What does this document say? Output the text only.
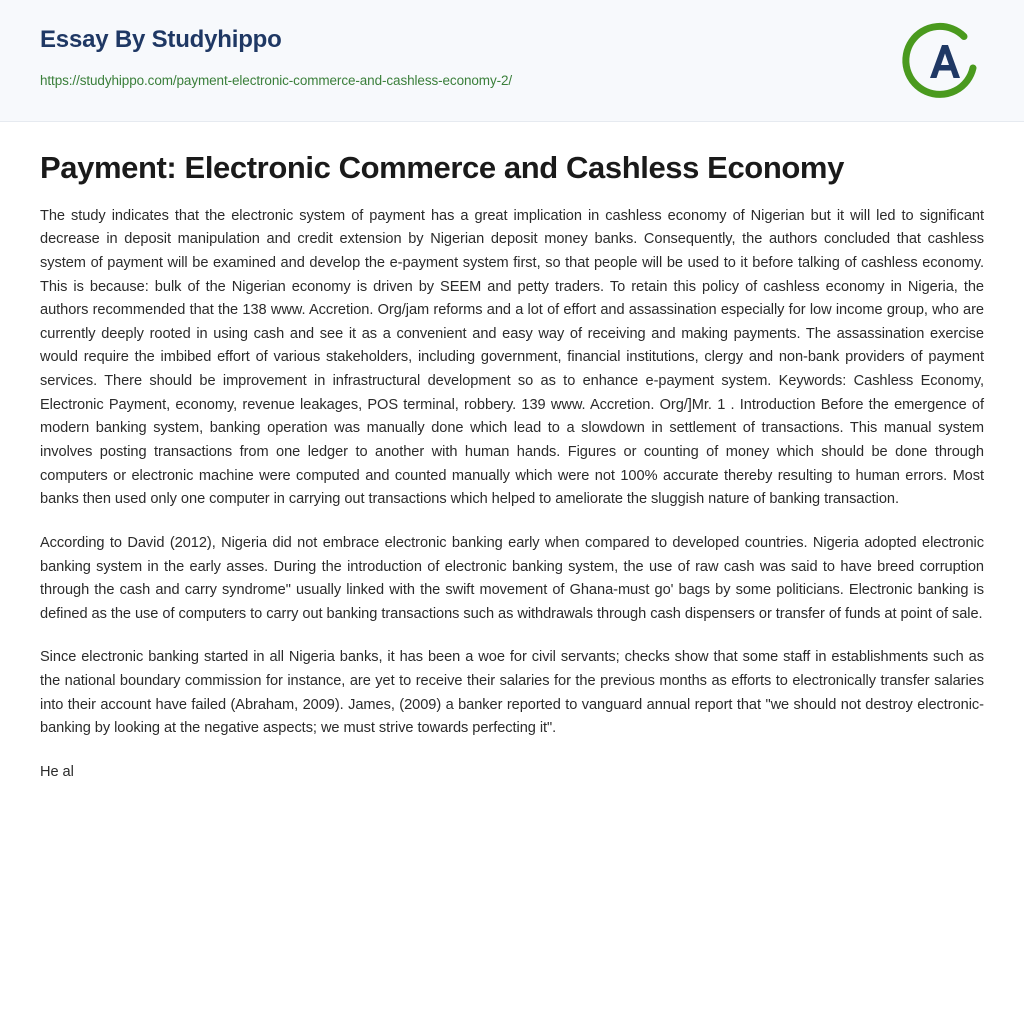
Essay By Studyhippo
https://studyhippo.com/payment-electronic-commerce-and-cashless-economy-2/
Payment: Electronic Commerce and Cashless Economy

The study indicates that the electronic system of payment has a great implication in cashless economy of Nigerian but it will led to significant decrease in deposit manipulation and credit extension by Nigerian deposit money banks. Consequently, the authors concluded that cashless system of payment will be examined and develop the e-payment system first, so that people will be used to it before talking of cashless economy. This is because: bulk of the Nigerian economy is driven by SEEM and petty traders. To retain this policy of cashless economy in Nigeria, the authors recommended that the 138 www. Accretion. Org/jam reforms and a lot of effort and assassination especially for low income group, who are currently deeply rooted in using cash and see it as a convenient and easy way of receiving and making payments. The assassination exercise would require the imbibed effort of various stakeholders, including government, financial institutions, clergy and non-bank providers of payment services. There should be improvement in infrastructural development so as to enhance e-payment system. Keywords: Cashless Economy, Electronic Payment, economy, revenue leakages, POS terminal, robbery. 139 www. Accretion. Org/]Mr. 1 . Introduction Before the emergence of modern banking system, banking operation was manually done which lead to a slowdown in settlement of transactions. This manual system involves posting transactions from one ledger to another with human hands. Figures or counting of money which should be done through computers or electronic machine were computed and counted manually which were not 100% accurate thereby resulting to human errors. Most banks then used only one computer in carrying out transactions which helped to ameliorate the sluggish nature of banking transaction.

According to David (2012), Nigeria did not embrace electronic banking early when compared to developed countries. Nigeria adopted electronic banking system in the early asses. During the introduction of electronic banking system, the use of raw cash was said to have breed corruption through the cash and carry syndrome" usually linked with the swift movement of Ghana-must go' bags by some politicians. Electronic banking is defined as the use of computers to carry out banking transactions such as withdrawals through cash dispensers or transfer of funds at point of sale.

Since electronic banking started in all Nigeria banks, it has been a woe for civil servants; checks show that some staff in establishments such as the national boundary commission for instance, are yet to receive their salaries for the previous months as efforts to electronically transfer salaries into their account have failed (Abraham, 2009). James, (2009) a banker reported to vanguard annual report that "we should not destroy electronic-banking by looking at the negative aspects; we must strive towards perfecting it".

He al
